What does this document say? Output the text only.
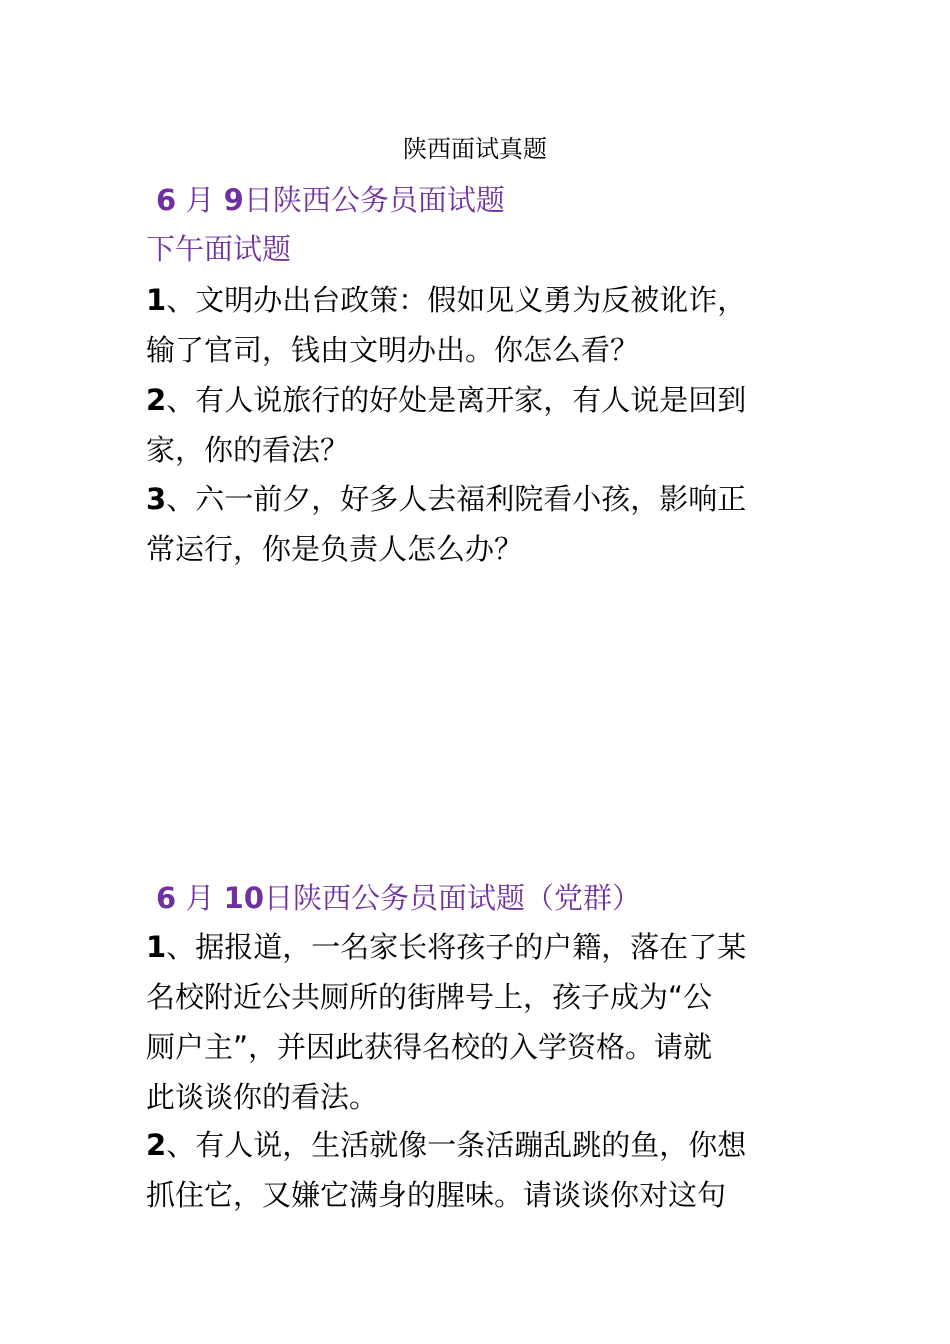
陕西面试真题
6 月 9日陕西公务员面试题
下午面试题
1、文明办出台政策：假如见义勇为反被讹诈，
输了官司，钱由文明办出。你怎么看？
2、有人说旅行的好处是离开家，有人说是回到
家，你的看法？
3、六一前夕，好多人去福利院看小孩，影响正
常运行，你是负责人怎么办？
6 月 10日陕西公务员面试题（党群）
1、据报道，一名家长将孩子的户籍，落在了某
名校附近公共厕所的街牌号上，孩子成为“公
厕户主”，并因此获得名校的入学资格。请就
此谈谈你的看法。
2、有人说，生活就像一条活蹦乱跳的鱼，你想
抓住它，又嫌它满身的腥味。请谈谈你对这句
